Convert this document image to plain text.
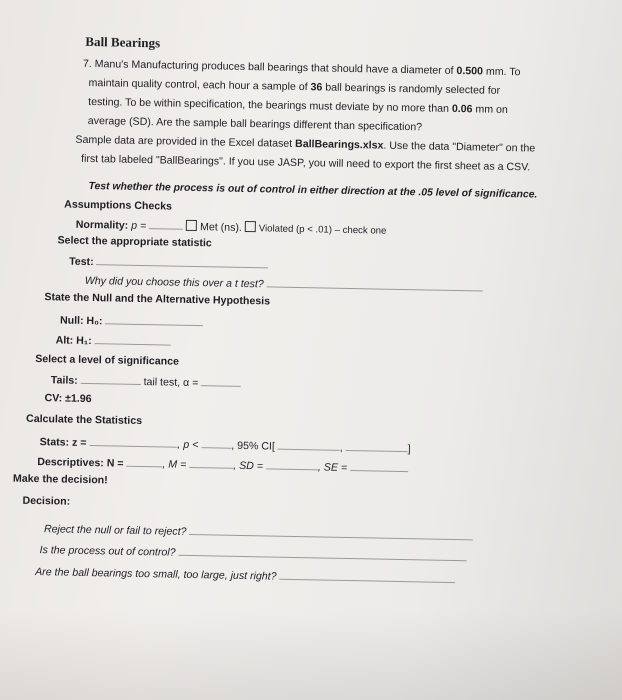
Ball Bearings
7. Manu's Manufacturing produces ball bearings that should have a diameter of 0.500 mm. To
maintain quality control, each hour a sample of 36 ball bearings is randomly selected for
testing. To be within specification, the bearings must deviate by no more than 0.06 mm on
average (SD). Are the sample ball bearings different than specification?
Sample data are provided in the Excel dataset BallBearings.xlsx. Use the data "Diameter" on the
first tab labeled "BallBearings". If you use JASP, you will need to export the first sheet as a CSV.
Test whether the process is out of control in either direction at the .05 level of significance.
Assumptions Checks
Normality: p =	Met (ns). Violated (p < .01) – check one
Select the appropriate statistic
Test:
Why did you choose this over a t test?
State the Null and the Alternative Hypothesis
Null: H₀:
Alt: H₁:
Select a level of significance
Tails:	tail test, α =
CV: ±1.96
Calculate the Statistics
Stats: z =	, p <	, 95% CI[	,	]
Descriptives: N =	, M =	, SD =	, SE =
Make the decision!
Decision:
Reject the null or fail to reject?
Is the process out of control?
Are the ball bearings too small, too large, just right?
